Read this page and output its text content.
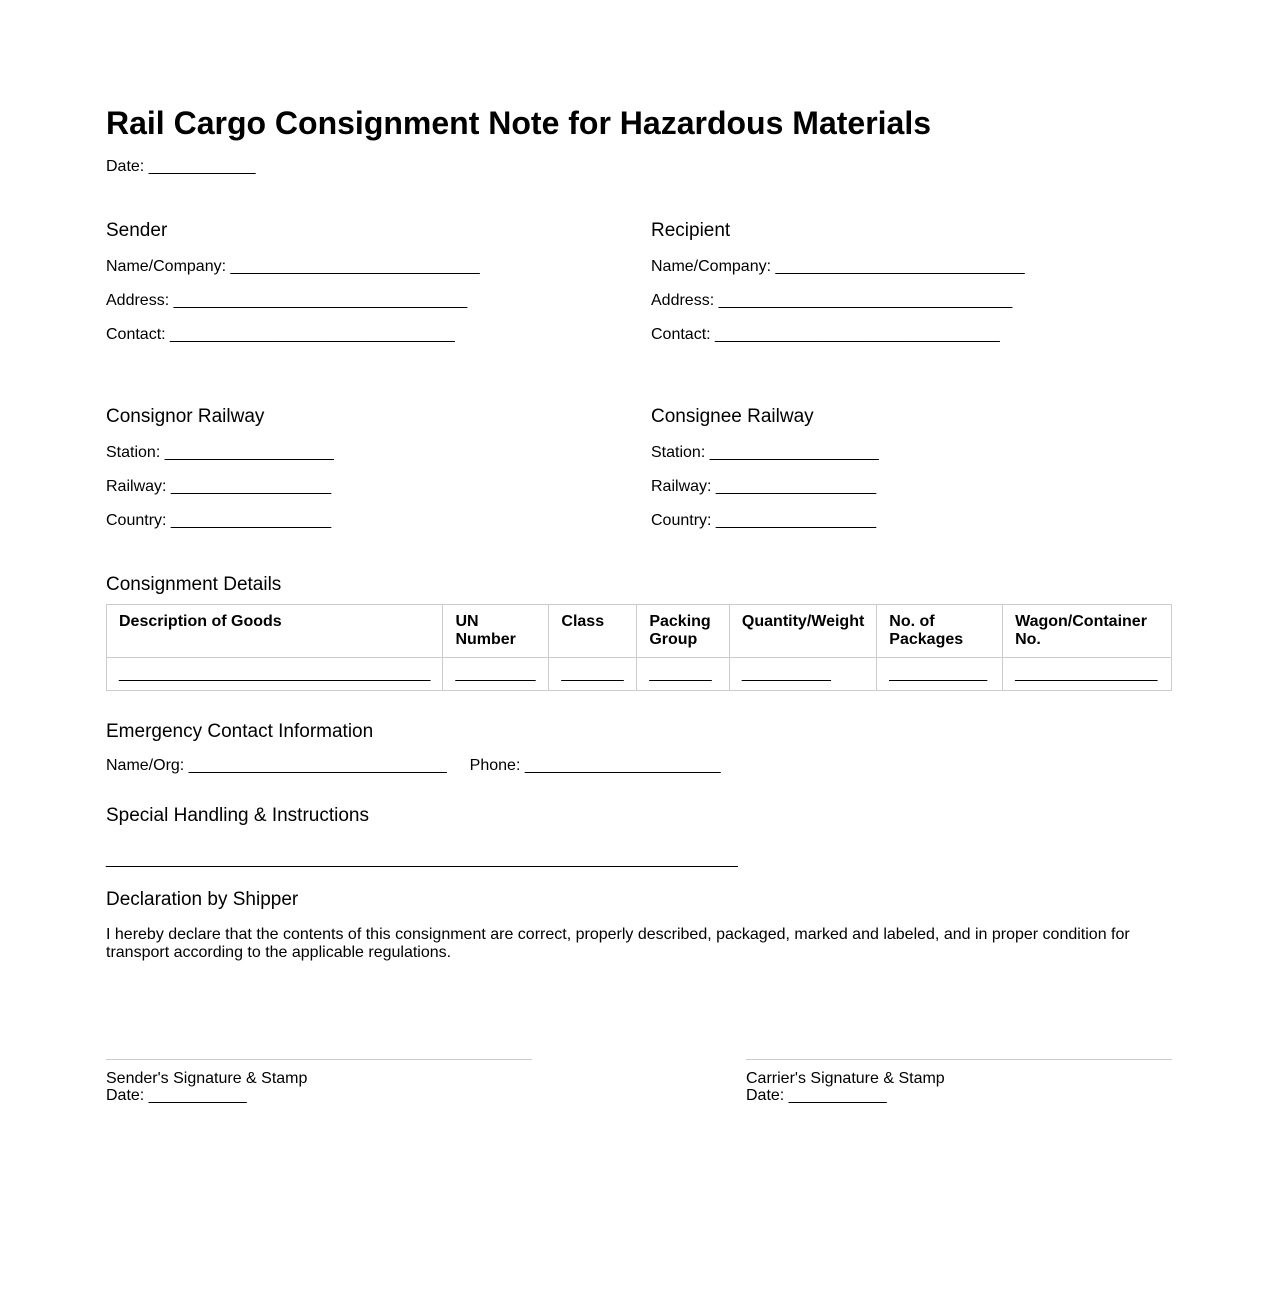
Rail Cargo Consignment Note for Hazardous Materials
Date: ____________
Sender
Name/Company: ____________________________
Address: _________________________________
Contact: ________________________________
Recipient
Name/Company: ____________________________
Address: _________________________________
Contact: ________________________________
Consignor Railway
Station: ___________________
Railway: __________________
Country: __________________
Consignee Railway
Station: ___________________
Railway: __________________
Country: __________________
Consignment Details
Description of Goods	UN Number	Class	Packing Group	Quantity/Weight	No. of Packages	Wagon/Container No.
___________________________________	_________	_______	_______	__________	___________	________________
Emergency Contact Information
Name/Org: _____________________________ Phone: ______________________
Special Handling & Instructions
_______________________________________________________________________
Declaration by Shipper
I hereby declare that the contents of this consignment are correct, properly described, packaged, marked and labeled, and in proper condition for transport according to the applicable regulations.
Sender's Signature & Stamp
Date: ___________
Carrier's Signature & Stamp
Date: ___________
